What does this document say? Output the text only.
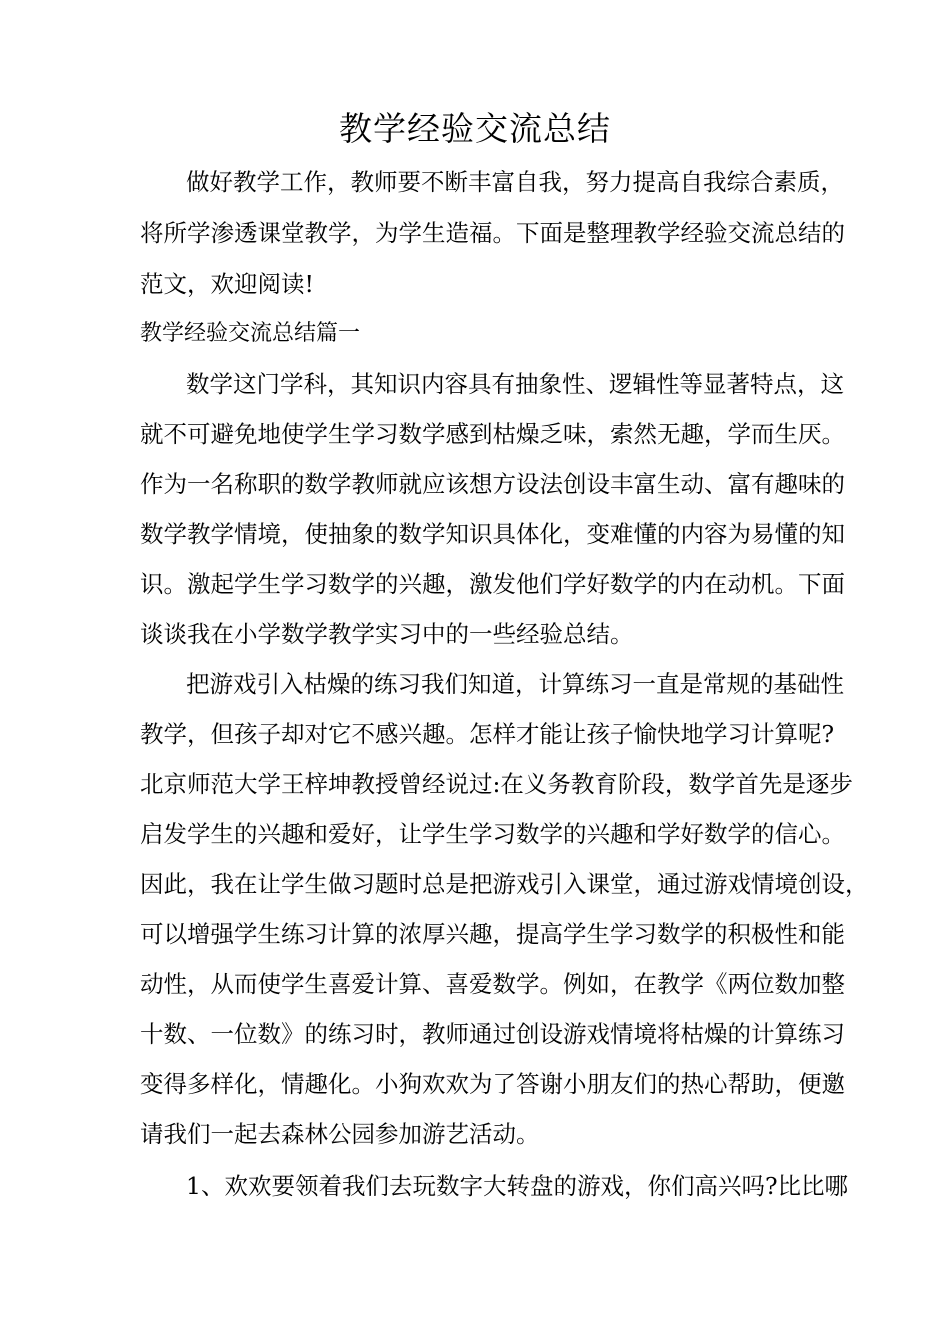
教学经验交流总结
做好教学工作，教师要不断丰富自我，努力提高自我综合素质，
将所学渗透课堂教学，为学生造福。下面是整理教学经验交流总结的
范文，欢迎阅读!
教学经验交流总结篇一
数学这门学科，其知识内容具有抽象性、逻辑性等显著特点，这
就不可避免地使学生学习数学感到枯燥乏味，索然无趣，学而生厌。
作为一名称职的数学教师就应该想方设法创设丰富生动、富有趣味的
数学教学情境，使抽象的数学知识具体化，变难懂的内容为易懂的知
识。激起学生学习数学的兴趣，激发他们学好数学的内在动机。下面
谈谈我在小学数学教学实习中的一些经验总结。
把游戏引入枯燥的练习我们知道，计算练习一直是常规的基础性
教学，但孩子却对它不感兴趣。怎样才能让孩子愉快地学习计算呢?
北京师范大学王梓坤教授曾经说过:在义务教育阶段，数学首先是逐步
启发学生的兴趣和爱好，让学生学习数学的兴趣和学好数学的信心。
因此，我在让学生做习题时总是把游戏引入课堂，通过游戏情境创设，
可以增强学生练习计算的浓厚兴趣，提高学生学习数学的积极性和能
动性，从而使学生喜爱计算、喜爱数学。例如，在教学《两位数加整
十数、一位数》的练习时，教师通过创设游戏情境将枯燥的计算练习
变得多样化，情趣化。小狗欢欢为了答谢小朋友们的热心帮助，便邀
请我们一起去森林公园参加游艺活动。
1、欢欢要领着我们去玩数字大转盘的游戏，你们高兴吗?比比哪
